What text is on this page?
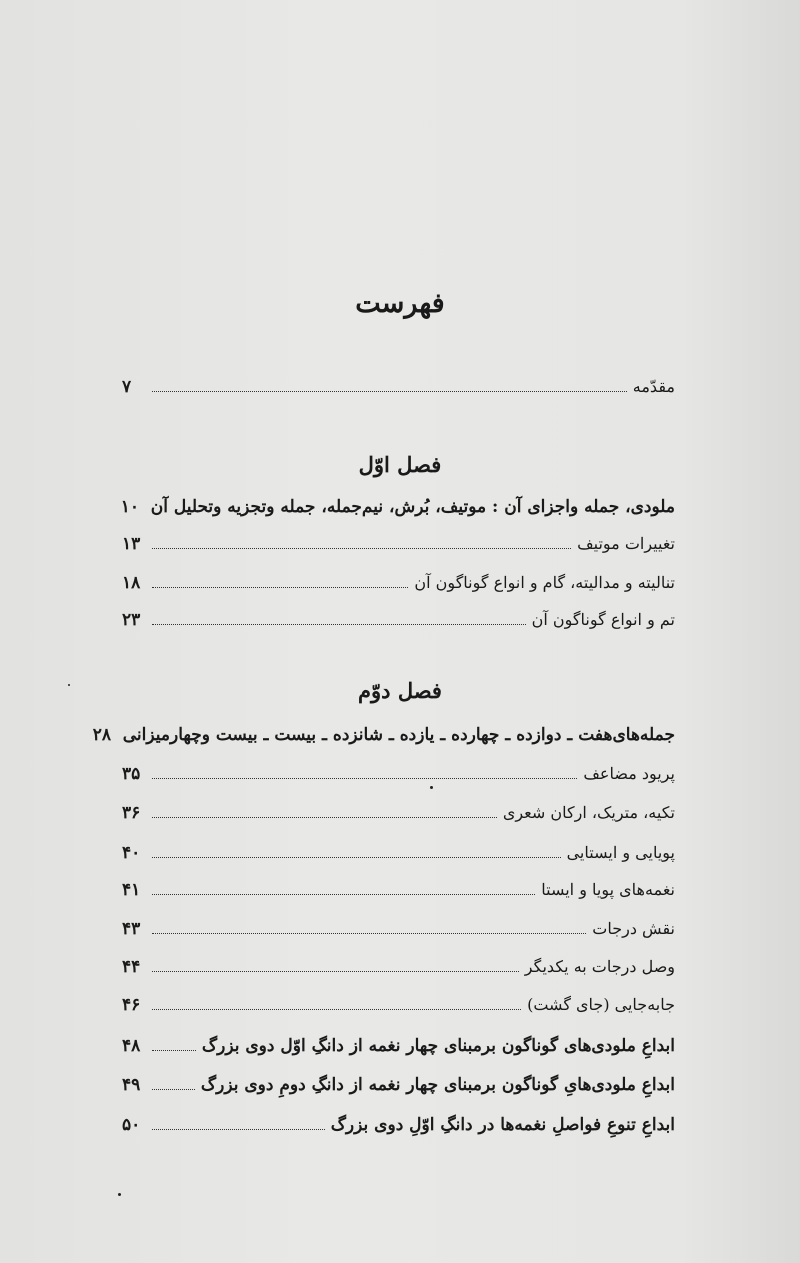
فهرست
مقدّمه
۷
فصل اوّل
ملودی، جمله واجزای آن : موتیف، بُرش، نیم‌جمله، جمله وتجزیه وتحلیل آن
۱۰
تغییرات موتیف
۱۳
تنالیته و مدالیته، گام و انواع گوناگون آن
۱۸
تم و انواع گوناگون آن
۲۳
فصل دوّم
جمله‌های‌هفت ـ دوازده ـ چهارده ـ یازده ـ شانزده ـ بیست ـ بیست وچهارمیزانی
۲۸
پریود مضاعف
۳۵
تکیه، متریک، ارکان شعری
۳۶
پویایی و ایستایی
۴۰
نغمه‌های پویا و ایستا
۴۱
نقش درجات
۴۳
وصل درجات به یکدیگر
۴۴
جابه‌جایی (جای گشت)
۴۶
ابداعِ ملودی‌های گوناگون برمبنای چهار نغمه از دانگِ اوّل دوی بزرگ
۴۸
ابداعِ ملودی‌هایِ گوناگون برمبنای چهار نغمه از دانگِ دومِ دوی بزرگ
۴۹
ابداعِ تنوعِ فواصلِ نغمه‌ها در دانگِ اوّلِ دوی بزرگ
۵۰
